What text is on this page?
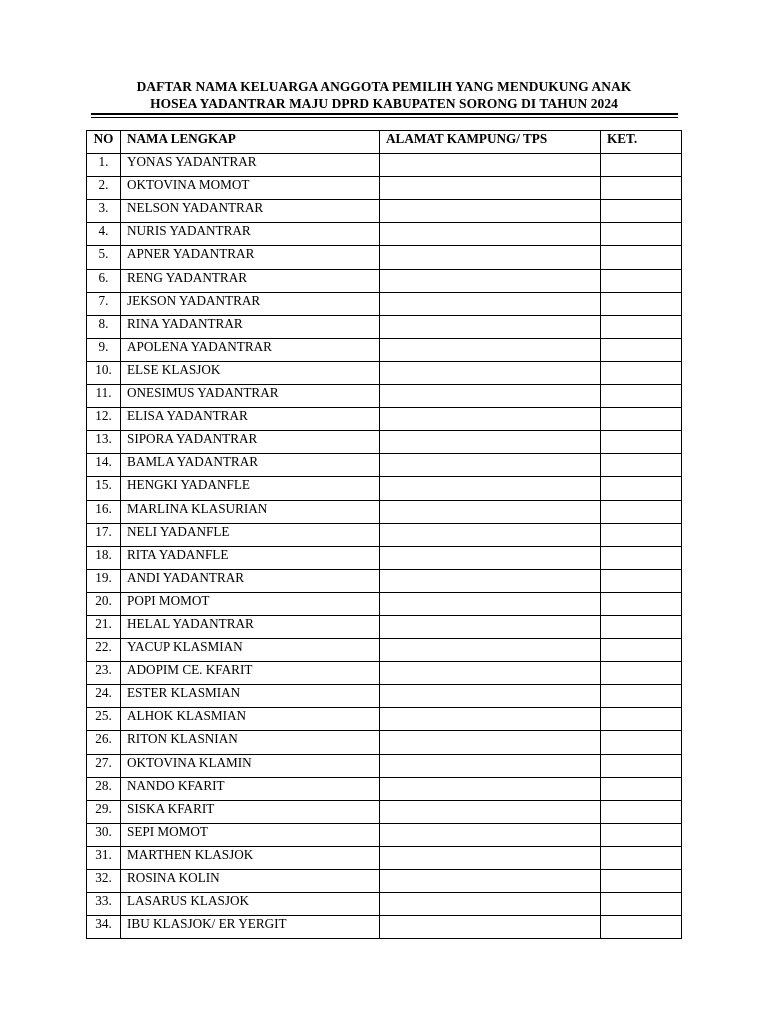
DAFTAR NAMA KELUARGA ANGGOTA PEMILIH YANG MENDUKUNG ANAK
HOSEA YADANTRAR MAJU DPRD KABUPATEN SORONG DI TAHUN 2024
NO	NAMA LENGKAP	ALAMAT KAMPUNG/ TPS	KET.
1.	YONAS YADANTRAR		
2.	OKTOVINA MOMOT		
3.	NELSON YADANTRAR		
4.	NURIS YADANTRAR		
5.	APNER YADANTRAR		
6.	RENG YADANTRAR		
7.	JEKSON YADANTRAR		
8.	RINA YADANTRAR		
9.	APOLENA YADANTRAR		
10.	ELSE KLASJOK		
11.	ONESIMUS YADANTRAR		
12.	ELISA YADANTRAR		
13.	SIPORA YADANTRAR		
14.	BAMLA YADANTRAR		
15.	HENGKI YADANFLE		
16.	MARLINA KLASURIAN		
17.	NELI YADANFLE		
18.	RITA YADANFLE		
19.	ANDI YADANTRAR		
20.	POPI MOMOT		
21.	HELAL YADANTRAR		
22.	YACUP KLASMIAN		
23.	ADOPIM CE. KFARIT		
24.	ESTER KLASMIAN		
25.	ALHOK KLASMIAN		
26.	RITON KLASNIAN		
27.	OKTOVINA KLAMIN		
28.	NANDO KFARIT		
29.	SISKA KFARIT		
30.	SEPI MOMOT		
31.	MARTHEN KLASJOK		
32.	ROSINA KOLIN		
33.	LASARUS KLASJOK		
34.	IBU KLASJOK/ ER YERGIT		
